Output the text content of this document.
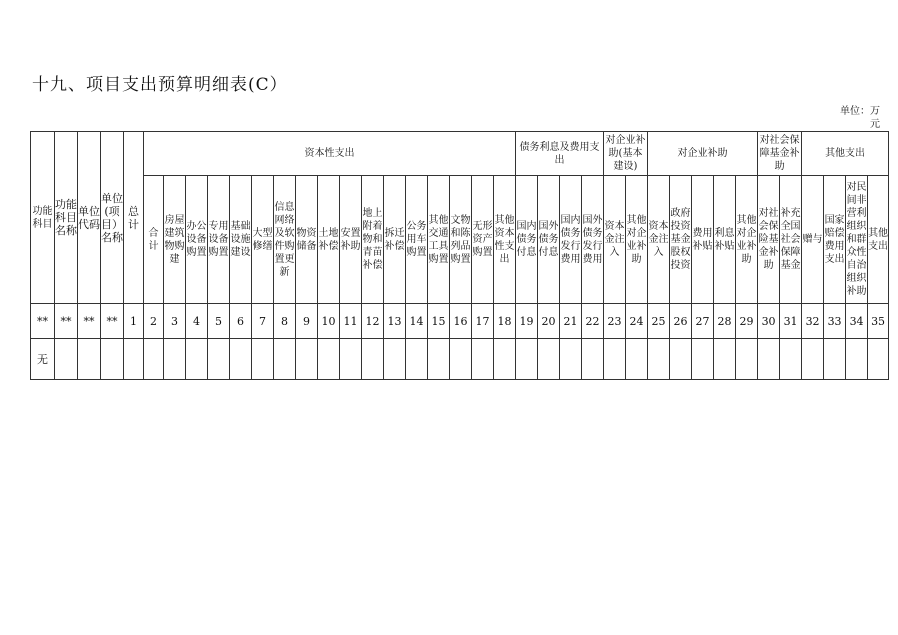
十九、项目支出预算明细表(C）
单位：万元
功能科目	功能科目名称	单位代码	单位(项目）名称	总计	资本性支出																	债务利息及费用支出				对企业补助(基本建设)		对企业补助					对社会保障基金补助		其他支出			
					合计	房屋建筑物购建	办公设备购置	专用设备购置	基础设施建设	大型修缮	信息网络及软件购置更新	物资储备	土地补偿	安置补助	地上附着物和青苗补偿	拆迁补偿	公务用车购置	其他交通工具购置	文物和陈列品购置	无形资产购置	其他资本性支出	国内债务付息	国外债务付息	国内债务发行费用	国外债务发行费用	资本金注入	其他对企业补助	资本金注入	政府投资基金股权投资	费用补贴	利息补贴	其他对企业补助	对社会保险基金补助	补充全国社会保障基金	赠与	国家赔偿费用支出	对民间非营利组织和群众性自治组织补助	其他支出
**	**	**	**	1	2	3	4	5	6	7	8	9	10	11	12	13	14	15	16	17	18	19	20	21	22	23	24	25	26	27	28	29	30	31	32	33	34	35
无																																						
